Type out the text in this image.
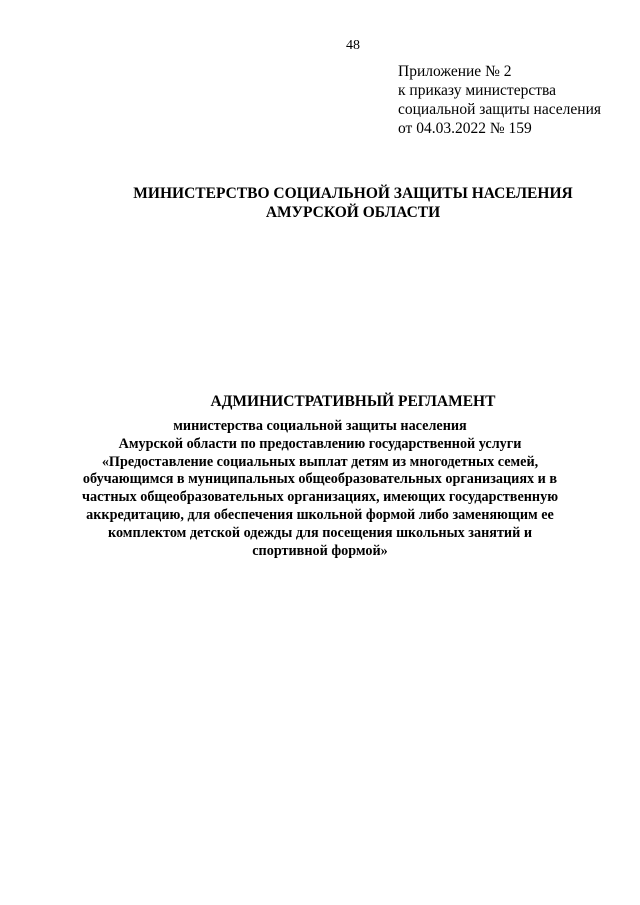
48
Приложение № 2
к приказу министерства
социальной защиты населения
от 04.03.2022 № 159
МИНИСТЕРСТВО СОЦИАЛЬНОЙ ЗАЩИТЫ НАСЕЛЕНИЯ
АМУРСКОЙ ОБЛАСТИ
АДМИНИСТРАТИВНЫЙ РЕГЛАМЕНТ
министерства социальной защиты населения
Амурской области по предоставлению государственной услуги
«Предоставление социальных выплат детям из многодетных семей,
обучающимся в муниципальных общеобразовательных организациях и в
частных общеобразовательных организациях, имеющих государственную
аккредитацию, для обеспечения школьной формой либо заменяющим ее
комплектом детской одежды для посещения школьных занятий и
спортивной формой»
